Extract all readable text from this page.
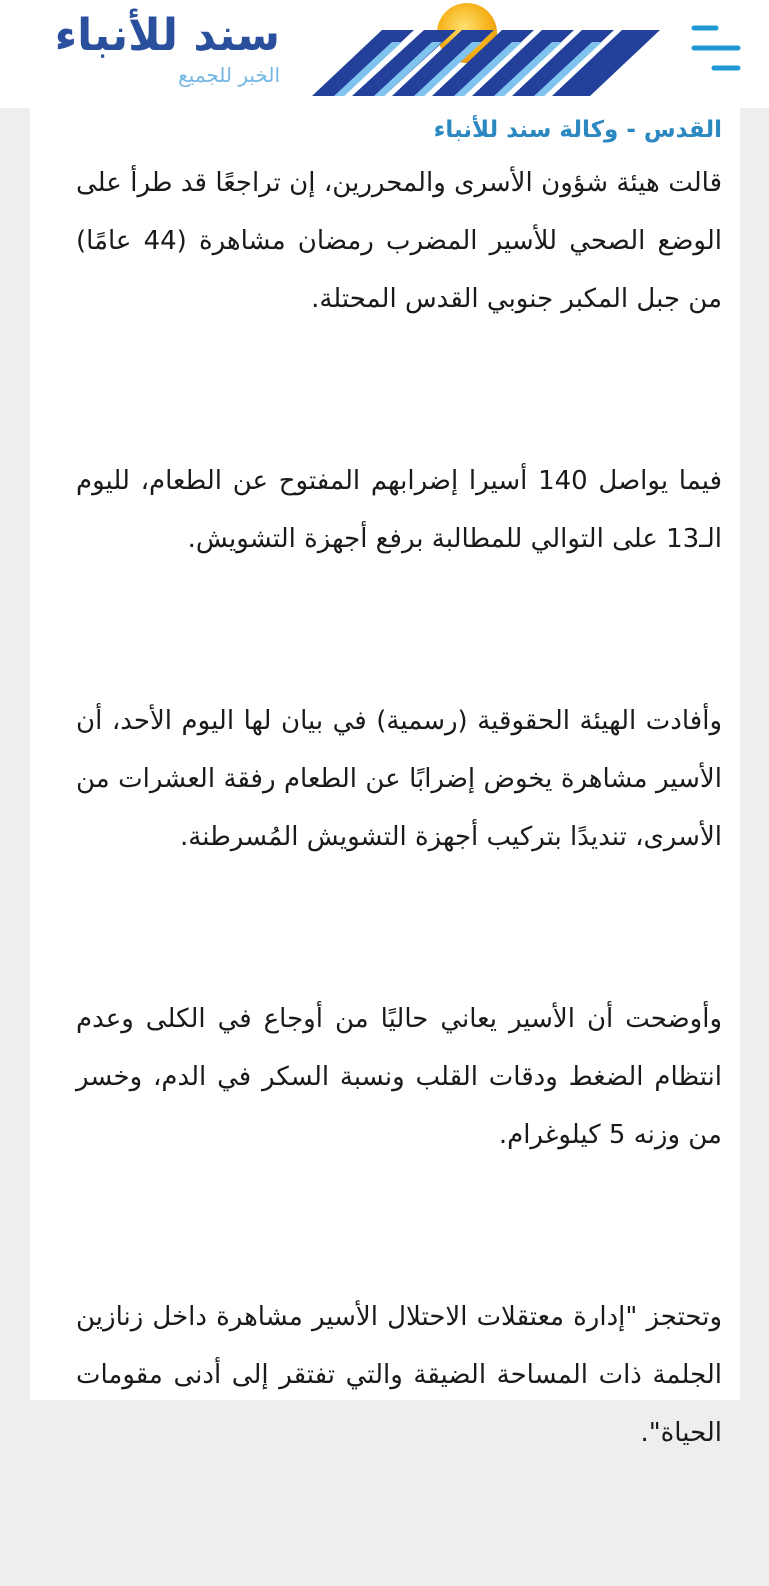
سند للأنباء
الخبر للجميع
القدس - وكالة سند للأنباء

قالت هيئة شؤون الأسرى والمحررين، إن تراجعًا قد طرأ على الوضع الصحي للأسير المضرب رمضان مشاهرة (44 عامًا) من جبل المكبر جنوبي القدس المحتلة.

فيما يواصل 140 أسيرا إضرابهم المفتوح عن الطعام، لليوم الـ13 على التوالي للمطالبة برفع أجهزة التشويش.

وأفادت الهيئة الحقوقية (رسمية) في بيان لها اليوم الأحد، أن الأسير مشاهرة يخوض إضرابًا عن الطعام رفقة العشرات من الأسرى، تنديدًا بتركيب أجهزة التشويش المُسرطنة.

وأوضحت أن الأسير يعاني حاليًا من أوجاع في الكلى وعدم انتظام الضغط ودقات القلب ونسبة السكر في الدم، وخسر من وزنه 5 كيلوغرام.

وتحتجز "إدارة معتقلات الاحتلال الأسير مشاهرة داخل زنازين الجلمة ذات المساحة الضيقة والتي تفتقر إلى أدنى مقومات الحياة".
